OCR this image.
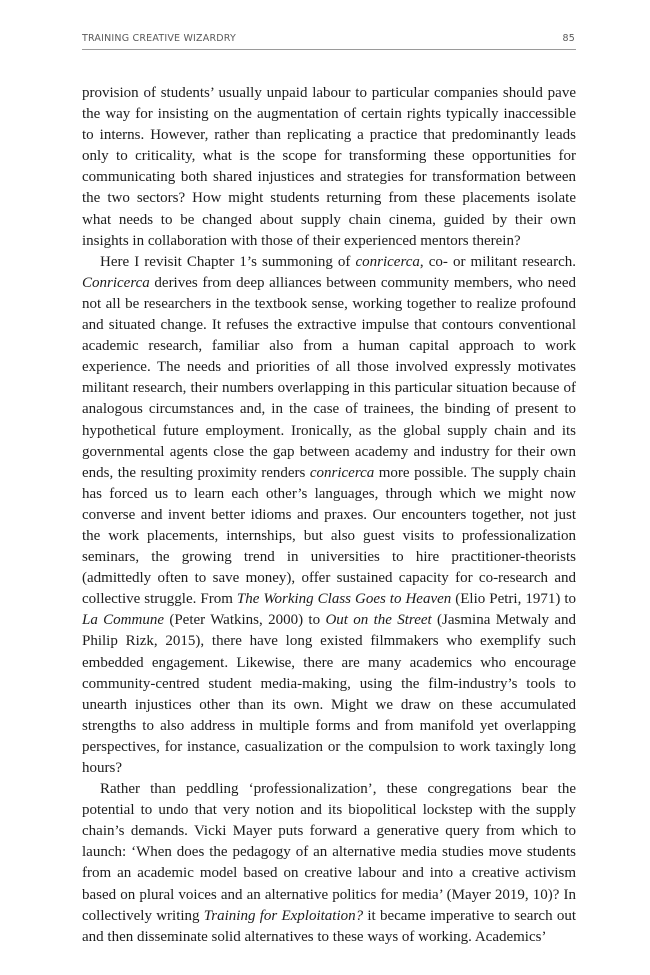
TRAINING CREATIVE WIZARDRY	85

provision of students’ usually unpaid labour to particular companies should pave the way for insisting on the augmentation of certain rights typically inaccessible to interns. However, rather than replicating a practice that predominantly leads only to criticality, what is the scope for transforming these opportunities for communicating both shared injustices and strategies for transformation between the two sectors? How might students returning from these placements isolate what needs to be changed about supply chain cinema, guided by their own insights in collaboration with those of their experienced mentors therein?

Here I revisit Chapter 1’s summoning of conricerca, co- or militant research. Conricerca derives from deep alliances between community members, who need not all be researchers in the textbook sense, working together to realize profound and situated change. It refuses the extractive impulse that contours conventional academic research, familiar also from a human capital approach to work experience. The needs and priorities of all those involved expressly motivates militant research, their numbers overlapping in this particular situation because of analogous circumstances and, in the case of trainees, the binding of present to hypothetical future employment. Ironically, as the global supply chain and its governmental agents close the gap between academy and industry for their own ends, the resulting proximity renders conricerca more possible. The supply chain has forced us to learn each other’s languages, through which we might now converse and invent better idioms and praxes. Our encounters together, not just the work placements, internships, but also guest visits to professionalization seminars, the growing trend in universities to hire practitioner-theorists (admittedly often to save money), offer sustained capacity for co-research and collective struggle. From The Working Class Goes to Heaven (Elio Petri, 1971) to La Commune (Peter Watkins, 2000) to Out on the Street (Jasmina Metwaly and Philip Rizk, 2015), there have long existed filmmakers who exemplify such embedded engagement. Likewise, there are many academics who encourage community-centred student media-making, using the film-industry’s tools to unearth injustices other than its own. Might we draw on these accumulated strengths to also address in multiple forms and from manifold yet overlapping perspectives, for instance, casualization or the compulsion to work taxingly long hours?

Rather than peddling ‘professionalization’, these congregations bear the potential to undo that very notion and its biopolitical lockstep with the supply chain’s demands. Vicki Mayer puts forward a generative query from which to launch: ‘When does the pedagogy of an alternative media studies move students from an academic model based on creative labour and into a creative activism based on plural voices and an alternative politics for media’ (Mayer 2019, 10)? In collectively writing Training for Exploitation? it became imperative to search out and then disseminate solid alternatives to these ways of working. Academics’
